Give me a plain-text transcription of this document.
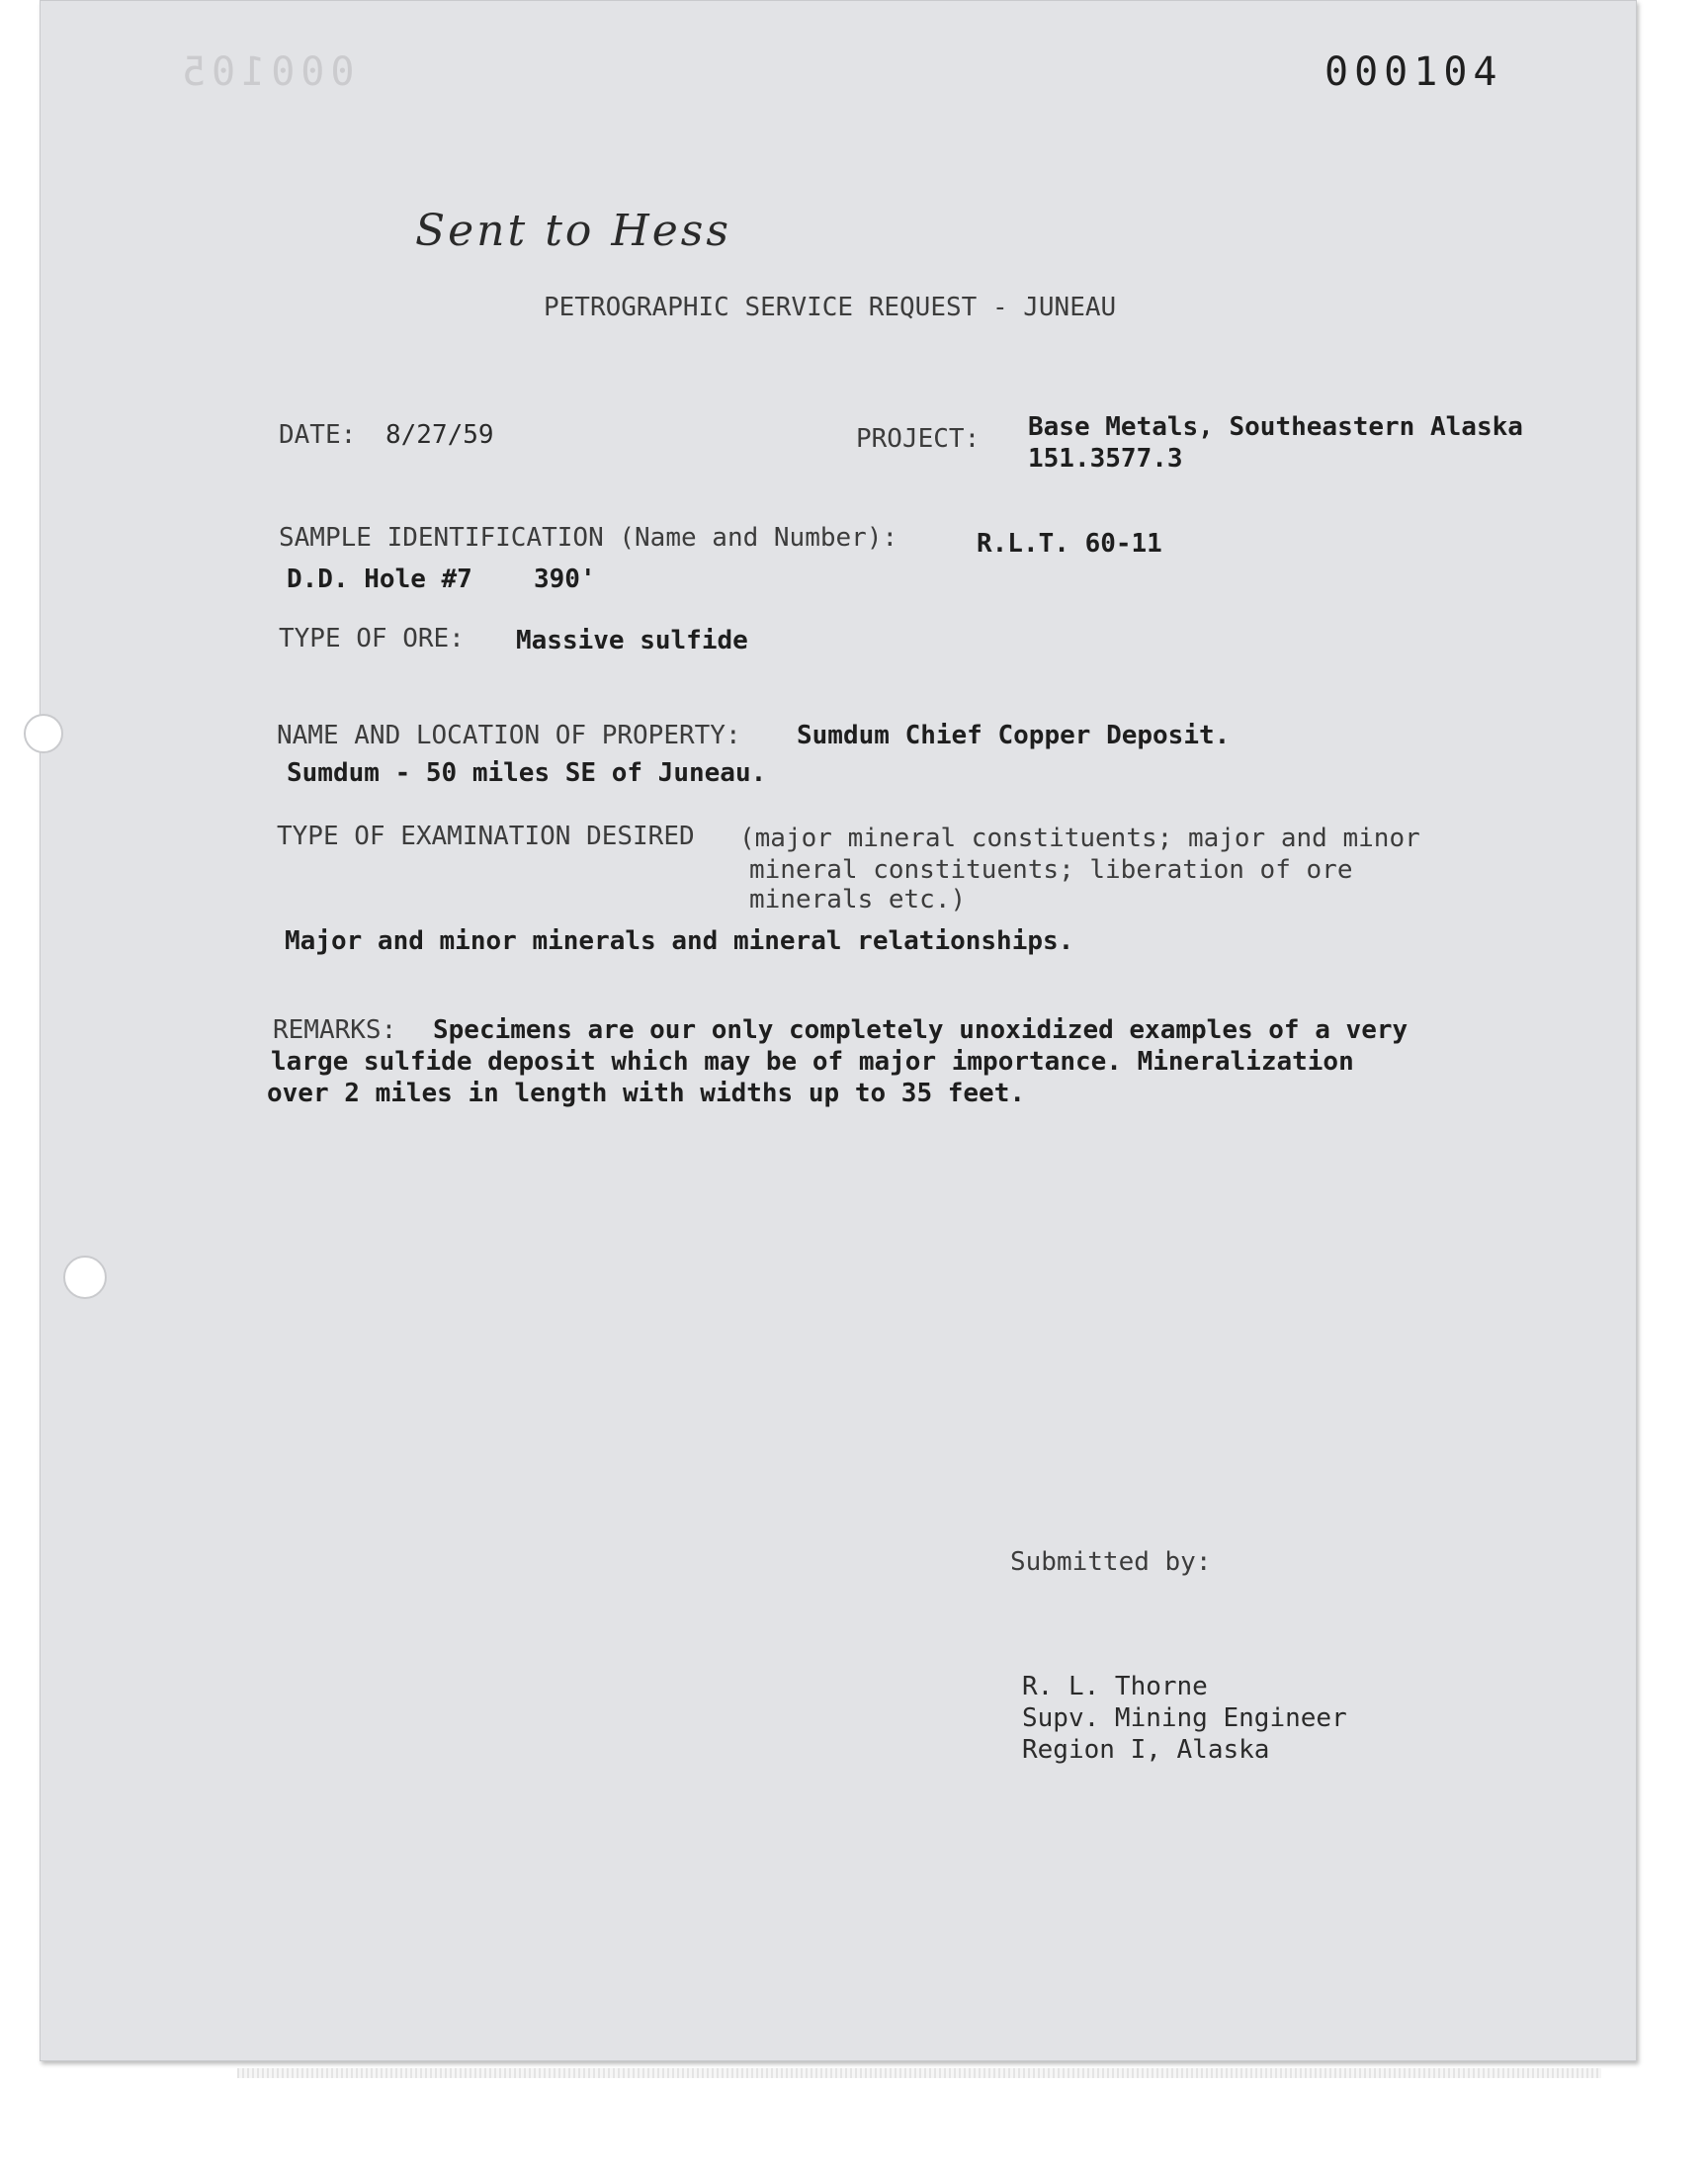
000105	000104
Sent to Hess
PETROGRAPHIC SERVICE REQUEST - JUNEAU
DATE: 8/27/59	PROJECT: Base Metals, Southeastern Alaska
151.3577.3
SAMPLE IDENTIFICATION (Name and Number):	R.L.T. 60-11
D.D. Hole #7 390'
TYPE OF ORE: Massive sulfide
NAME AND LOCATION OF PROPERTY: Sumdum Chief Copper Deposit.
Sumdum - 50 miles SE of Juneau.
TYPE OF EXAMINATION DESIRED (major mineral constituents; major and minor
mineral constituents; liberation of ore
minerals etc.)
Major and minor minerals and mineral relationships.
REMARKS: Specimens are our only completely unoxidized examples of a very
large sulfide deposit which may be of major importance. Mineralization
over 2 miles in length with widths up to 35 feet.
Submitted by:
R. L. Thorne
Supv. Mining Engineer
Region I, Alaska
